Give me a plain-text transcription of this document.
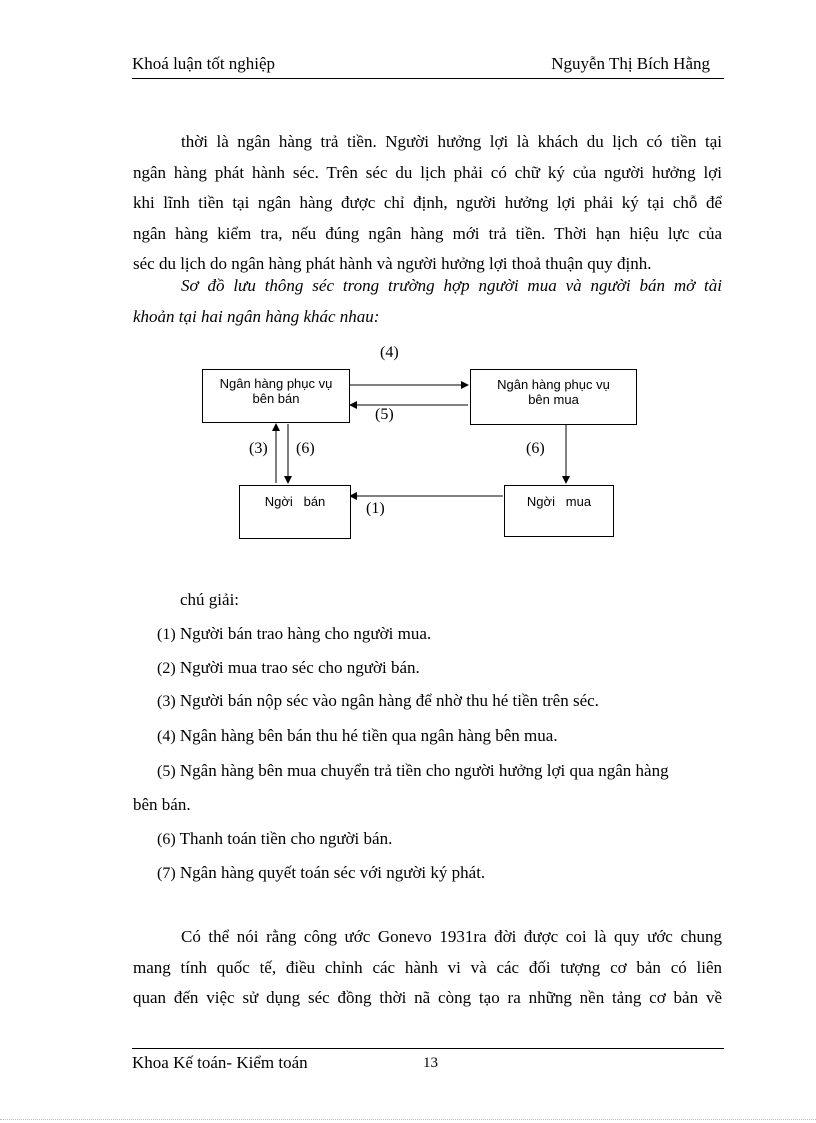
Khoá luận tốt nghiệp	Nguyễn Thị Bích Hằng
thời là ngân hàng trả tiền. Người hưởng lợi là khách du lịch có tiền tại
ngân hàng phát hành séc. Trên séc du lịch phải có chữ ký của người hưởng lợi
khi lĩnh tiền tại ngân hàng được chỉ định, người hưởng lợi phải ký tại chỗ để
ngân hàng kiểm tra, nếu đúng ngân hàng mới trả tiền. Thời hạn hiệu lực của
séc du lịch do ngân hàng phát hành và người hưởng lợi thoả thuận quy định.
Sơ đồ lưu thông séc trong trường hợp người mua và người bán mở tài
khoản tại hai ngân hàng khác nhau:
Ngân hàng phục vụ
bên bán
Ngân hàng phục vụ
bên mua
Ngời   bán	Ngời   mua
(4)
(5)
(3) (6)	(6)
(1)
chú giải:
(1) Người bán trao hàng cho người mua.
(2) Người mua trao séc cho người bán.
(3) Người bán nộp séc vào ngân hàng để nhờ thu hé tiền trên séc.
(4) Ngân hàng bên bán thu hé tiền qua ngân hàng bên mua.
(5) Ngân hàng bên mua chuyển trả tiền cho người hưởng lợi qua ngân hàng
bên bán.
(6) Thanh toán tiền cho người bán.
(7) Ngân hàng quyết toán séc với người ký phát.
Có thể nói rằng công ước Gonevo 1931ra đời được coi là quy ước chung
mang tính quốc tế, điều chỉnh các hành vi và các đối tượng cơ bản có liên
quan đến việc sử dụng séc đồng thời nã còng tạo ra những nền tảng cơ bản về
Khoa Kế toán- Kiểm toán	13
